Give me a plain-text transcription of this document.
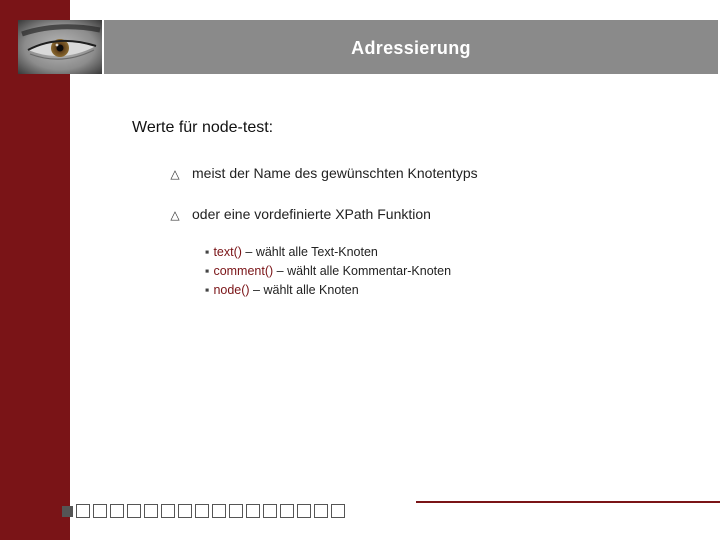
Adressierung
Werte für node-test:
△ meist der Name des gewünschten Knotentyps
△ oder eine vordefinierte XPath Funktion
▪ text() – wählt alle Text-Knoten
▪ comment() – wählt alle Kommentar-Knoten
▪ node() – wählt alle Knoten
